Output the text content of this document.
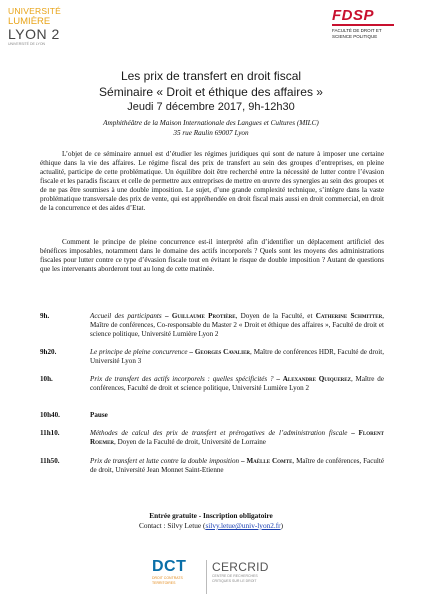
UNIVERSITÉ
LUMIÈRE
LYON 2
UNIVERSITÉ DE LYON
FDSP
FACULTÉ DE DROIT ET
SCIENCE POLITIQUE
Les prix de transfert en droit fiscal
Séminaire « Droit et éthique des affaires »
Jeudi 7 décembre 2017, 9h-12h30
Amphithéâtre de la Maison Internationale des Langues et Cultures (MILC)
35 rue Raulin 69007 Lyon
L’objet de ce séminaire annuel est d’étudier les régimes juridiques qui sont de nature à imposer une certaine éthique dans la vie des affaires. Le régime fiscal des prix de transfert au sein des groupes d’entreprises, en pleine actualité, participe de cette problématique. Un équilibre doit être recherché entre la nécessité de lutter contre l’évasion fiscale et les paradis fiscaux et celle de permettre aux entreprises de mettre en œuvre des synergies au sein des groupes et de ne pas être soumises à une double imposition. Le sujet, d’une grande complexité technique, s’intègre dans la vaste problématique transversale des prix de vente, qui est appréhendée en droit fiscal mais aussi en droit commercial, en droit de la concurrence et des aides d’Etat.
Comment le principe de pleine concurrence est-il interprété afin d’identifier un déplacement artificiel des bénéfices imposables, notamment dans le domaine des actifs incorporels ? Quels sont les moyens des administrations fiscales pour lutter contre ce type d’évasion fiscale tout en évitant le risque de double imposition ? Autant de questions que les intervenants aborderont tout au long de cette matinée.
9h.	Accueil des participants – Guillaume Protière, Doyen de la Faculté, et Catherine Schmitter, Maître de conférences, Co-responsable du Master 2 « Droit et éthique des affaires », Faculté de droit et science politique, Université Lumière Lyon 2
9h20.	Le principe de pleine concurrence – Georges Cavalier, Maître de conférences HDR, Faculté de droit, Université Lyon 3
10h.	Prix de transfert des actifs incorporels : quelles spécificités ? – Alexandre Quiquerez, Maître de conférences, Faculté de droit et science politique, Université Lumière Lyon 2
10h40.	Pause
11h10.	Méthodes de calcul des prix de transfert et prérogatives de l’administration fiscale – Florent Roemer, Doyen de la Faculté de droit, Université de Lorraine
11h50.	Prix de transfert et lutte contre la double imposition – Maëlle Comte, Maître de conférences, Faculté de droit, Université Jean Monnet Saint-Etienne
Entrée gratuite - Inscription obligatoire
Contact : Silvy Letue (silvy.letue@univ-lyon2.fr)
DCT
DROIT CONTRATS TERRITOIRES
CERCRID
CENTRE DE RECHERCHES CRITIQUES SUR LE DROIT
